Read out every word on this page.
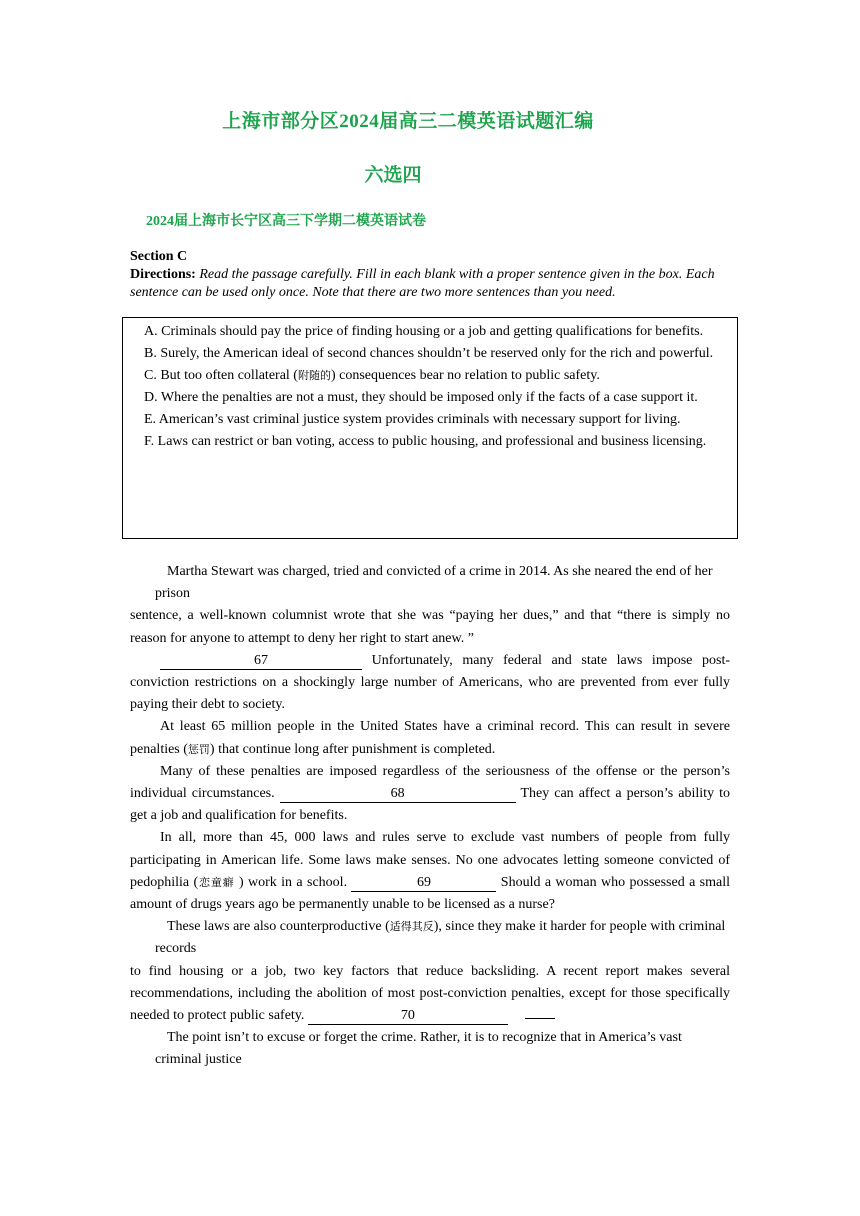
上海市部分区2024届高三二模英语试题汇编
六选四
2024届上海市长宁区高三下学期二模英语试卷
Section C
Directions: Read the passage carefully. Fill in each blank with a proper sentence given in the box. Each sentence can be used only once. Note that there are two more sentences than you need.

A. Criminals should pay the price of finding housing or a job and getting qualifications for benefits.

B. Surely, the American ideal of second chances shouldn’t be reserved only for the rich and powerful.

C. But too often collateral (附随的) consequences bear no relation to public safety.

D. Where the penalties are not a must, they should be imposed only if the facts of a case support it.

E. American’s vast criminal justice system provides criminals with necessary support for living.

F. Laws can restrict or ban voting, access to public housing, and professional and business licensing.

Martha Stewart was charged, tried and convicted of a crime in 2014. As she neared the end of her prison

sentence, a well-known columnist wrote that she was “paying her dues,” and that “there is simply no reason for anyone to attempt to deny her right to start anew. ”

67	Unfortunately, many federal and state laws impose post-conviction restrictions on a shockingly large number of Americans, who are prevented from ever fully paying their debt to society.

At least 65 million people in the United States have a criminal record. This can result in severe penalties (惩罚) that continue long after punishment is completed.

Many of these penalties are imposed regardless of the seriousness of the offense or the person’s individual circumstances.	68	They can affect a person’s ability to get a job and qualification for benefits.

In all, more than 45, 000 laws and rules serve to exclude vast numbers of people from fully participating in American life. Some laws make senses. No one advocates letting someone convicted of pedophilia (恋童癖 ) work in a school.	69	Should a woman who possessed a small amount of drugs years ago be permanently unable to be licensed as a nurse?

These laws are also counterproductive (适得其反), since they make it harder for people with criminal records

to find housing or a job, two key factors that reduce backsliding. A recent report makes several recommendations, including the abolition of most post-conviction penalties, except for those specifically needed to protect public safety.	70

The point isn’t to excuse or forget the crime. Rather, it is to recognize that in America’s vast criminal justice
